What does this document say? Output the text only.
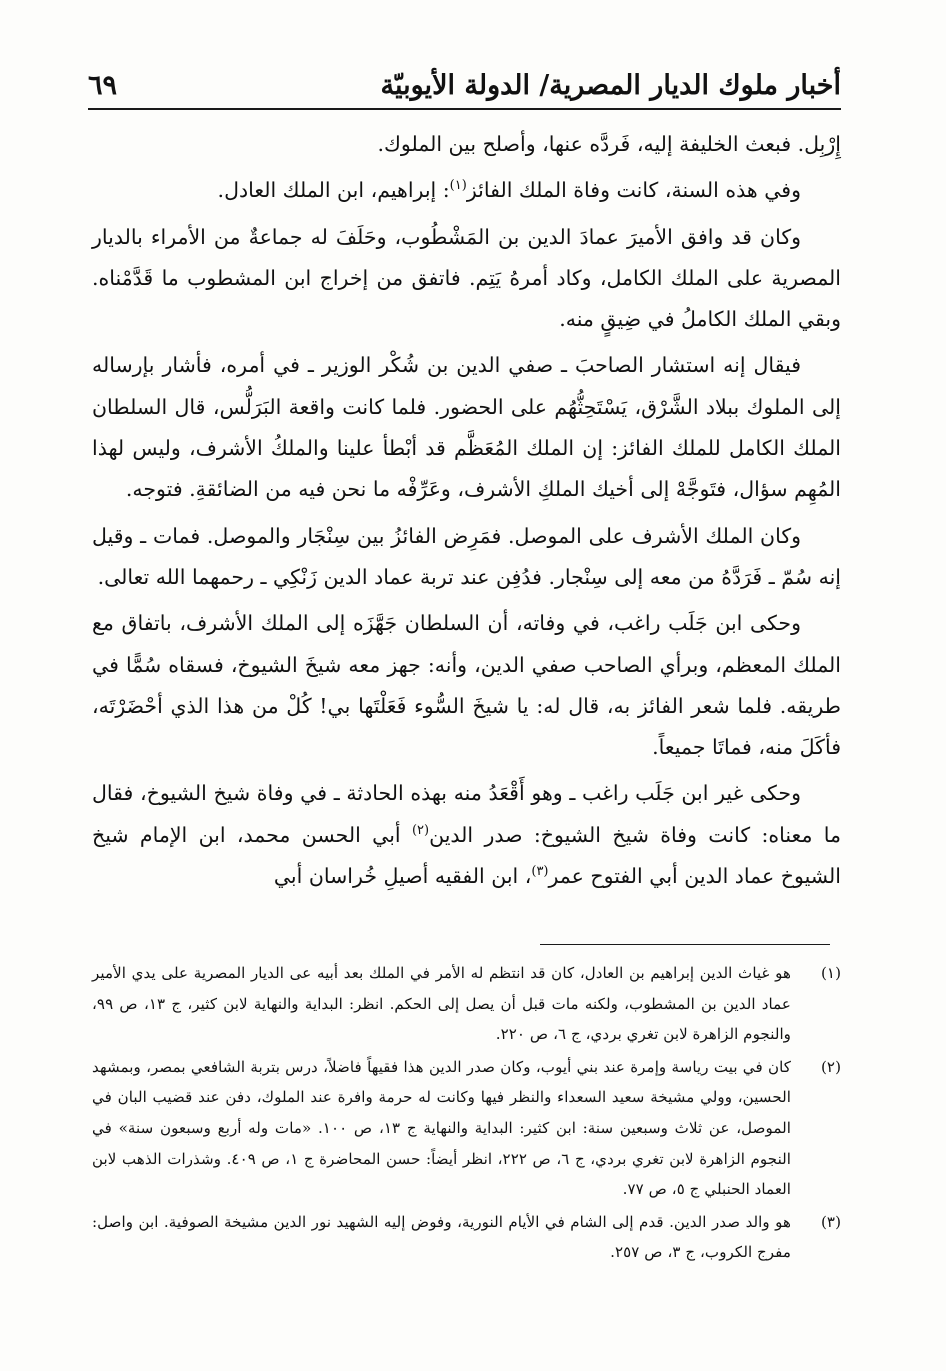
أخبار ملوك الديار المصرية/ الدولة الأيوبيّة
٦٩

إِرْبِل. فبعث الخليفة إليه، فَردَّه عنها، وأصلح بين الملوك.

وفي هذه السنة، كانت وفاة الملك الفائز$^{(١)}$: إبراهيم، ابن الملك العادل.

وكان قد وافق الأميرَ عمادَ الدين بن المَشْطُوب، وحَلَفَ له جماعةٌ من الأمراء بالديار المصرية على الملك الكامل، وكاد أمرهُ يَتِم. فاتفق من إخراج ابن المشطوب ما قَدَّمْناه. وبقي الملك الكاملُ في ضِيقٍ منه.

فيقال إنه استشار الصاحبَ ـ صفي الدين بن شُكْر الوزير ـ في أمره، فأشار بإرساله إلى الملوك ببلاد الشَّرْق، يَسْتَحِثُّهُم على الحضور. فلما كانت واقعة البَرَلُّس، قال السلطان الملك الكامل للملك الفائز: إن الملك المُعَظَّم قد أبْطأ علينا والملكُ الأشرف، وليس لهذا المُهِم سؤال، فتَوجَّهْ إلى أخيك الملكِ الأشرف، وعَرِّفْه ما نحن فيه من الضائقةِ. فتوجه.

وكان الملك الأشرف على الموصل. فمَرِض الفائزُ بين سِنْجَار والموصل. فمات ـ وقيل إنه سُمّ ـ فَرَدَّهُ من معه إلى سِنْجار. فدُفِن عند تربة عماد الدين زَنْكِي ـ رحمهما الله تعالى.

وحكى ابن جَلَب راغب، في وفاته، أن السلطان جَهَّزَه إلى الملك الأشرف، باتفاق مع الملك المعظم، وبرأي الصاحب صفي الدين، وأنه: جهز معه شيخَ الشيوخ، فسقاه سُمًّا في طريقه. فلما شعر الفائز به، قال له: يا شيخَ السُّوء فَعَلْتَها بي! كُلْ من هذا الذي أحْضَرْتَه، فأكَلَ منه، فماتَا جميعاً.

وحكى غير ابن جَلَب راغب ـ وهو أَقْعَدُ منه بهذه الحادثة ـ في وفاة شيخ الشيوخ، فقال ما معناه: كانت وفاة شيخ الشيوخ: صدر الدين$^{(٢)}$ أبي الحسن محمد، ابن الإمام شيخ الشيوخ عماد الدين أبي الفتوح عمر$^{(٣)}$، ابن الفقيه أصيلِ خُراسان أبي

(١)
هو غياث الدين إبراهيم بن العادل، كان قد انتظم له الأمر في الملك بعد أبيه عى الديار المصرية على يدي الأمير عماد الدين بن المشطوب، ولكنه مات قبل أن يصل إلى الحكم. انظر: البداية والنهاية لابن كثير، ج ١٣، ص ٩٩، والنجوم الزاهرة لابن تغري بردي، ج ٦، ص ٢٢٠.
(٢)
كان في بيت رياسة وإمرة عند بني أيوب، وكان صدر الدين هذا فقيهاً فاضلاً، درس بتربة الشافعي بمصر، وبمشهد الحسين، وولي مشيخة سعيد السعداء والنظر فيها وكانت له حرمة وافرة عند الملوك، دفن عند قضيب البان في الموصل، عن ثلاث وسبعين سنة: ابن كثير: البداية والنهاية ج ١٣، ص ١٠٠. «مات وله أربع وسبعون سنة» في النجوم الزاهرة لابن تغري بردي، ج ٦، ص ٢٢٢، انظر أيضاً: حسن المحاضرة ج ١، ص ٤٠٩. وشذرات الذهب لابن العماد الحنبلي ج ٥، ص ٧٧.
(٣)
هو والد صدر الدين. قدم إلى الشام في الأيام النورية، وفوض إليه الشهيد نور الدين مشيخة الصوفية. ابن واصل: مفرج الكروب، ج ٣، ص ٢٥٧.
